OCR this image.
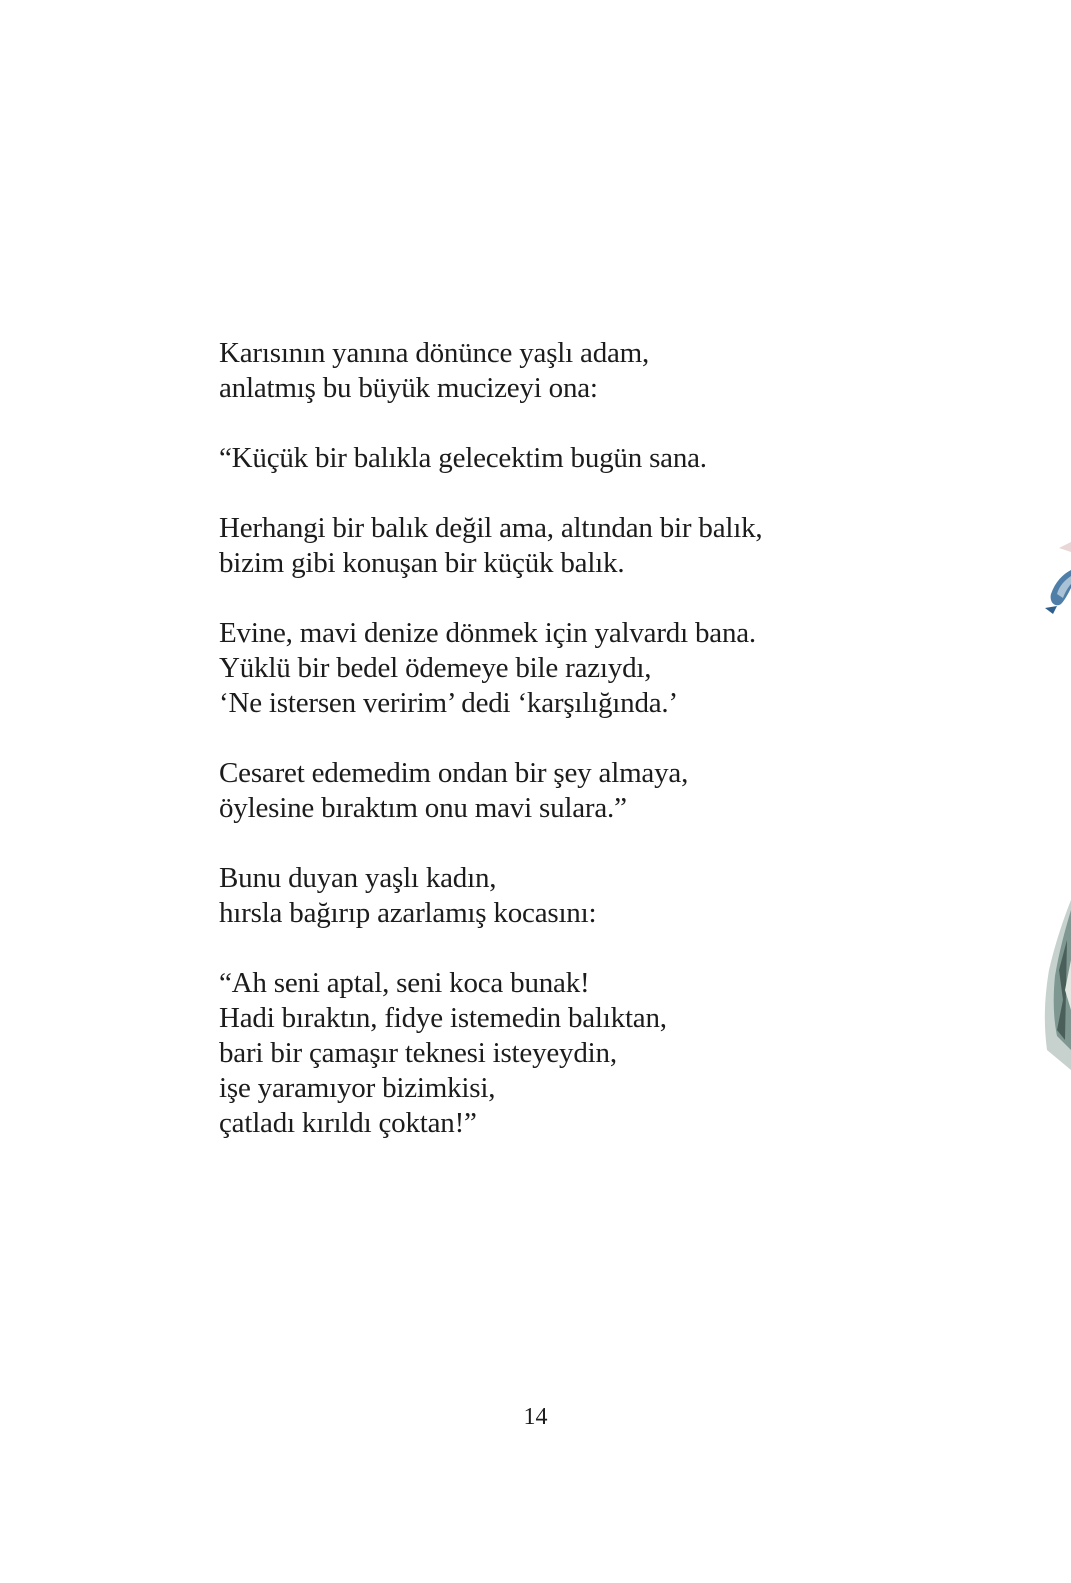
Karısının yanına dönünce yaşlı adam,
anlatmış bu büyük mucizeyi ona:
“Küçük bir balıkla gelecektim bugün sana.
Herhangi bir balık değil ama, altından bir balık,
bizim gibi konuşan bir küçük balık.
Evine, mavi denize dönmek için yalvardı bana.
Yüklü bir bedel ödemeye bile razıydı,
‘Ne istersen veririm’ dedi ‘karşılığında.’
Cesaret edemedim ondan bir şey almaya,
öylesine bıraktım onu mavi sulara.”
Bunu duyan yaşlı kadın,
hırsla bağırıp azarlamış kocasını:
“Ah seni aptal, seni koca bunak!
Hadi bıraktın, fidye istemedin balıktan,
bari bir çamaşır teknesi isteyeydin,
işe yaramıyor bizimkisi,
çatladı kırıldı çoktan!”
14
